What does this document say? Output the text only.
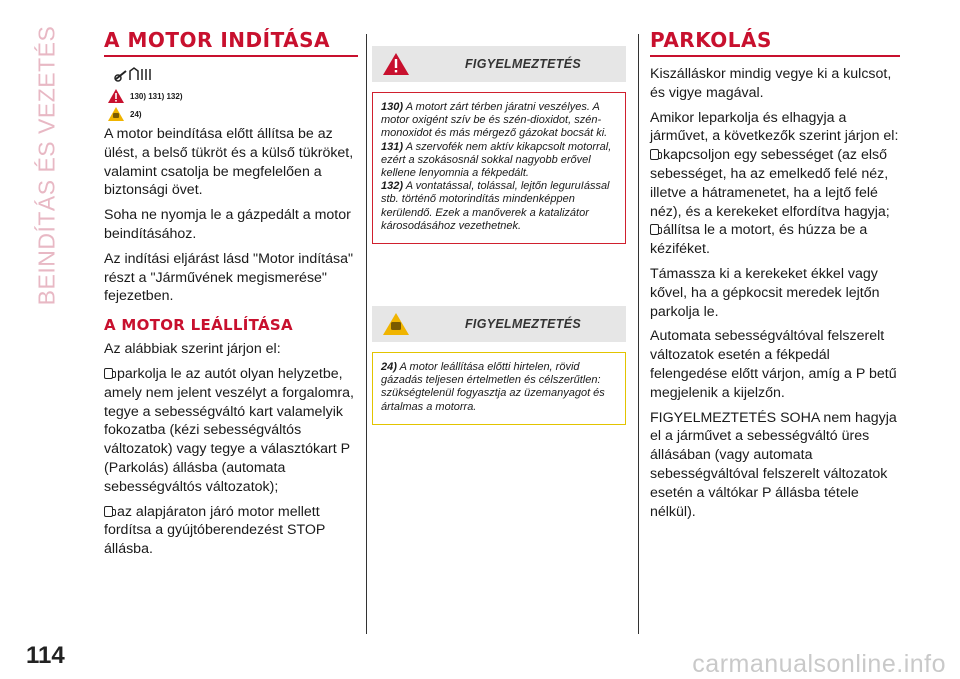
BEINDÍTÁS ÉS VEZETÉS A MOTOR INDÍTÁSA
130) 131) 132)
24)

A motor beindítása előtt állítsa be az ülést, a belső tükröt és a külső tükröket, valamint csatolja be megfelelően a biztonsági övet.

Soha ne nyomja le a gázpedált a motor beindításához.

Az indítási eljárást lásd "Motor indítása" részt a "Járművének megismerése" fejezetben.

A MOTOR LEÁLLÍTÁSA

Az alábbiak szerint járjon el:

parkolja le az autót olyan helyzetbe, amely nem jelent veszélyt a forgalomra, tegye a sebességváltó kart valamelyik fokozatba (kézi sebességváltós változatok) vagy tegye a választókart P (Parkolás) állásba (automata sebességváltós változatok);

az alapjáraton járó motor mellett fordítsa a gyújtóberendezést STOP állásba.

FIGYELMEZTETÉS

130) A motort zárt térben járatni veszélyes. A motor oxigént szív be és szén-dioxidot, szén-monoxidot és más mérgező gázokat bocsát ki.

131) A szervofék nem aktív kikapcsolt motorral, ezért a szokásosnál sokkal nagyobb erővel kellene lenyomnia a fékpedált.

132) A vontatással, tolással, lejtőn leguruIással stb. történő motorindítás mindenképpen kerülendő. Ezek a manőverek a katalizátor károsodásához vezethetnek.

FIGYELMEZTETÉS

24) A motor leállítása előtti hirtelen, rövid gázadás teljesen értelmetlen és célszerűtlen: szükségtelenül fogyasztja az üzemanyagot és ártalmas a motorra.

PARKOLÁS

Kiszálláskor mindig vegye ki a kulcsot, és vigye magával.

Amikor leparkolja és elhagyja a járművet, a következők szerint járjon el:

kapcsoljon egy sebességet (az első sebességet, ha az emelkedő felé néz, illetve a hátramenetet, ha a lejtő felé néz), és a kerekeket elfordítva hagyja;

állítsa le a motort, és húzza be a kéziféket.

Támassza ki a kerekeket ékkel vagy kővel, ha a gépkocsit meredek lejtőn parkolja le.

Automata sebességváltóval felszerelt változatok esetén a fékpedál felengedése előtt várjon, amíg a P betű megjelenik a kijelzőn.

FIGYELMEZTETÉS SOHA nem hagyja el a járművet a sebességváltó üres állásában (vagy automata sebességváltóval felszerelt változatok esetén a váltókar P állásba tétele nélkül).

114	carmanualsonline.info
